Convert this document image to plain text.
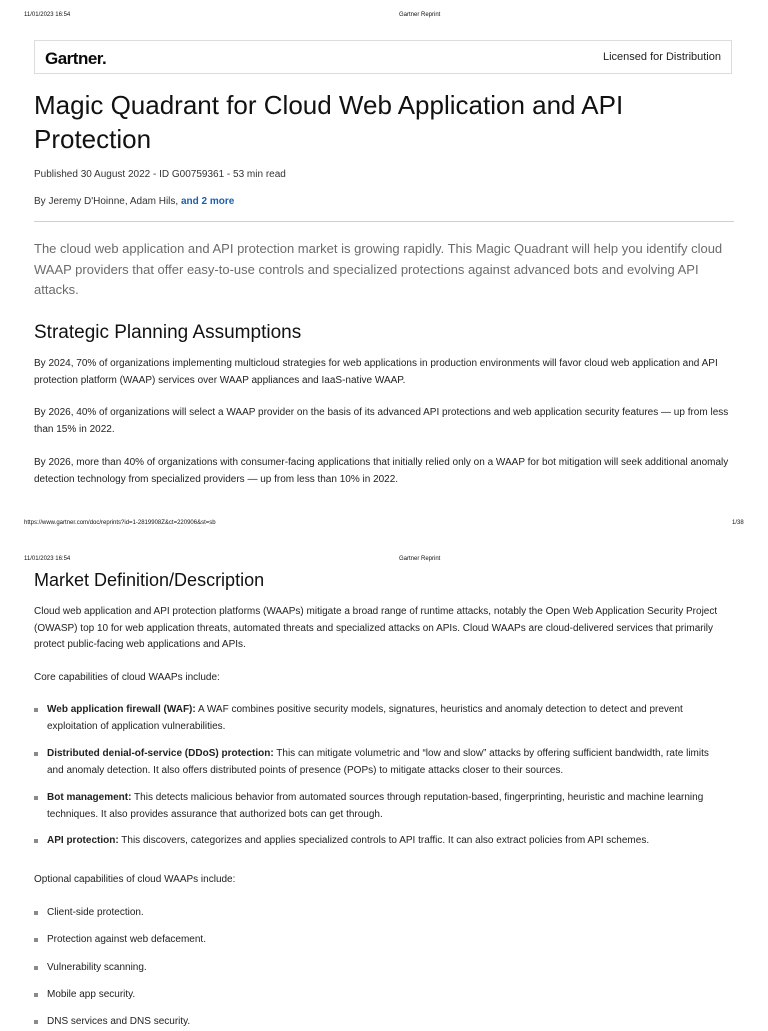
11/01/2023 16:54	Gartner Reprint
Gartner.	Licensed for Distribution
Magic Quadrant for Cloud Web Application and API Protection
Published 30 August 2022 - ID G00759361 - 53 min read
By Jeremy D'Hoinne, Adam Hils, and 2 more

The cloud web application and API protection market is growing rapidly. This Magic Quadrant will help you identify cloud WAAP providers that offer easy-to-use controls and specialized protections against advanced bots and evolving API attacks.

Strategic Planning Assumptions

By 2024, 70% of organizations implementing multicloud strategies for web applications in production environments will favor cloud web application and API protection platform (WAAP) services over WAAP appliances and IaaS-native WAAP.

By 2026, 40% of organizations will select a WAAP provider on the basis of its advanced API protections and web application security features — up from less than 15% in 2022.

By 2026, more than 40% of organizations with consumer-facing applications that initially relied only on a WAAP for bot mitigation will seek additional anomaly detection technology from specialized providers — up from less than 10% in 2022.

https://www.gartner.com/doc/reprints?id=1-2819908Z&ct=220906&st=sb	1/38
11/01/2023 16:54	Gartner Reprint
Market Definition/Description

Cloud web application and API protection platforms (WAAPs) mitigate a broad range of runtime attacks, notably the Open Web Application Security Project (OWASP) top 10 for web application threats, automated threats and specialized attacks on APIs. Cloud WAAPs are cloud-delivered services that primarily protect public-facing web applications and APIs.

Core capabilities of cloud WAAPs include:

Web application firewall (WAF): A WAF combines positive security models, signatures, heuristics and anomaly detection to detect and prevent exploitation of application vulnerabilities.
Distributed denial-of-service (DDoS) protection: This can mitigate volumetric and “low and slow” attacks by offering sufficient bandwidth, rate limits and anomaly detection. It also offers distributed points of presence (POPs) to mitigate attacks closer to their sources.
Bot management: This detects malicious behavior from automated sources through reputation-based, fingerprinting, heuristic and machine learning techniques. It also provides assurance that authorized bots can get through.
API protection: This discovers, categorizes and applies specialized controls to API traffic. It can also extract policies from API schemes.

Optional capabilities of cloud WAAPs include:

Client-side protection.
Protection against web defacement.
Vulnerability scanning.
Mobile app security.
DNS services and DNS security.
